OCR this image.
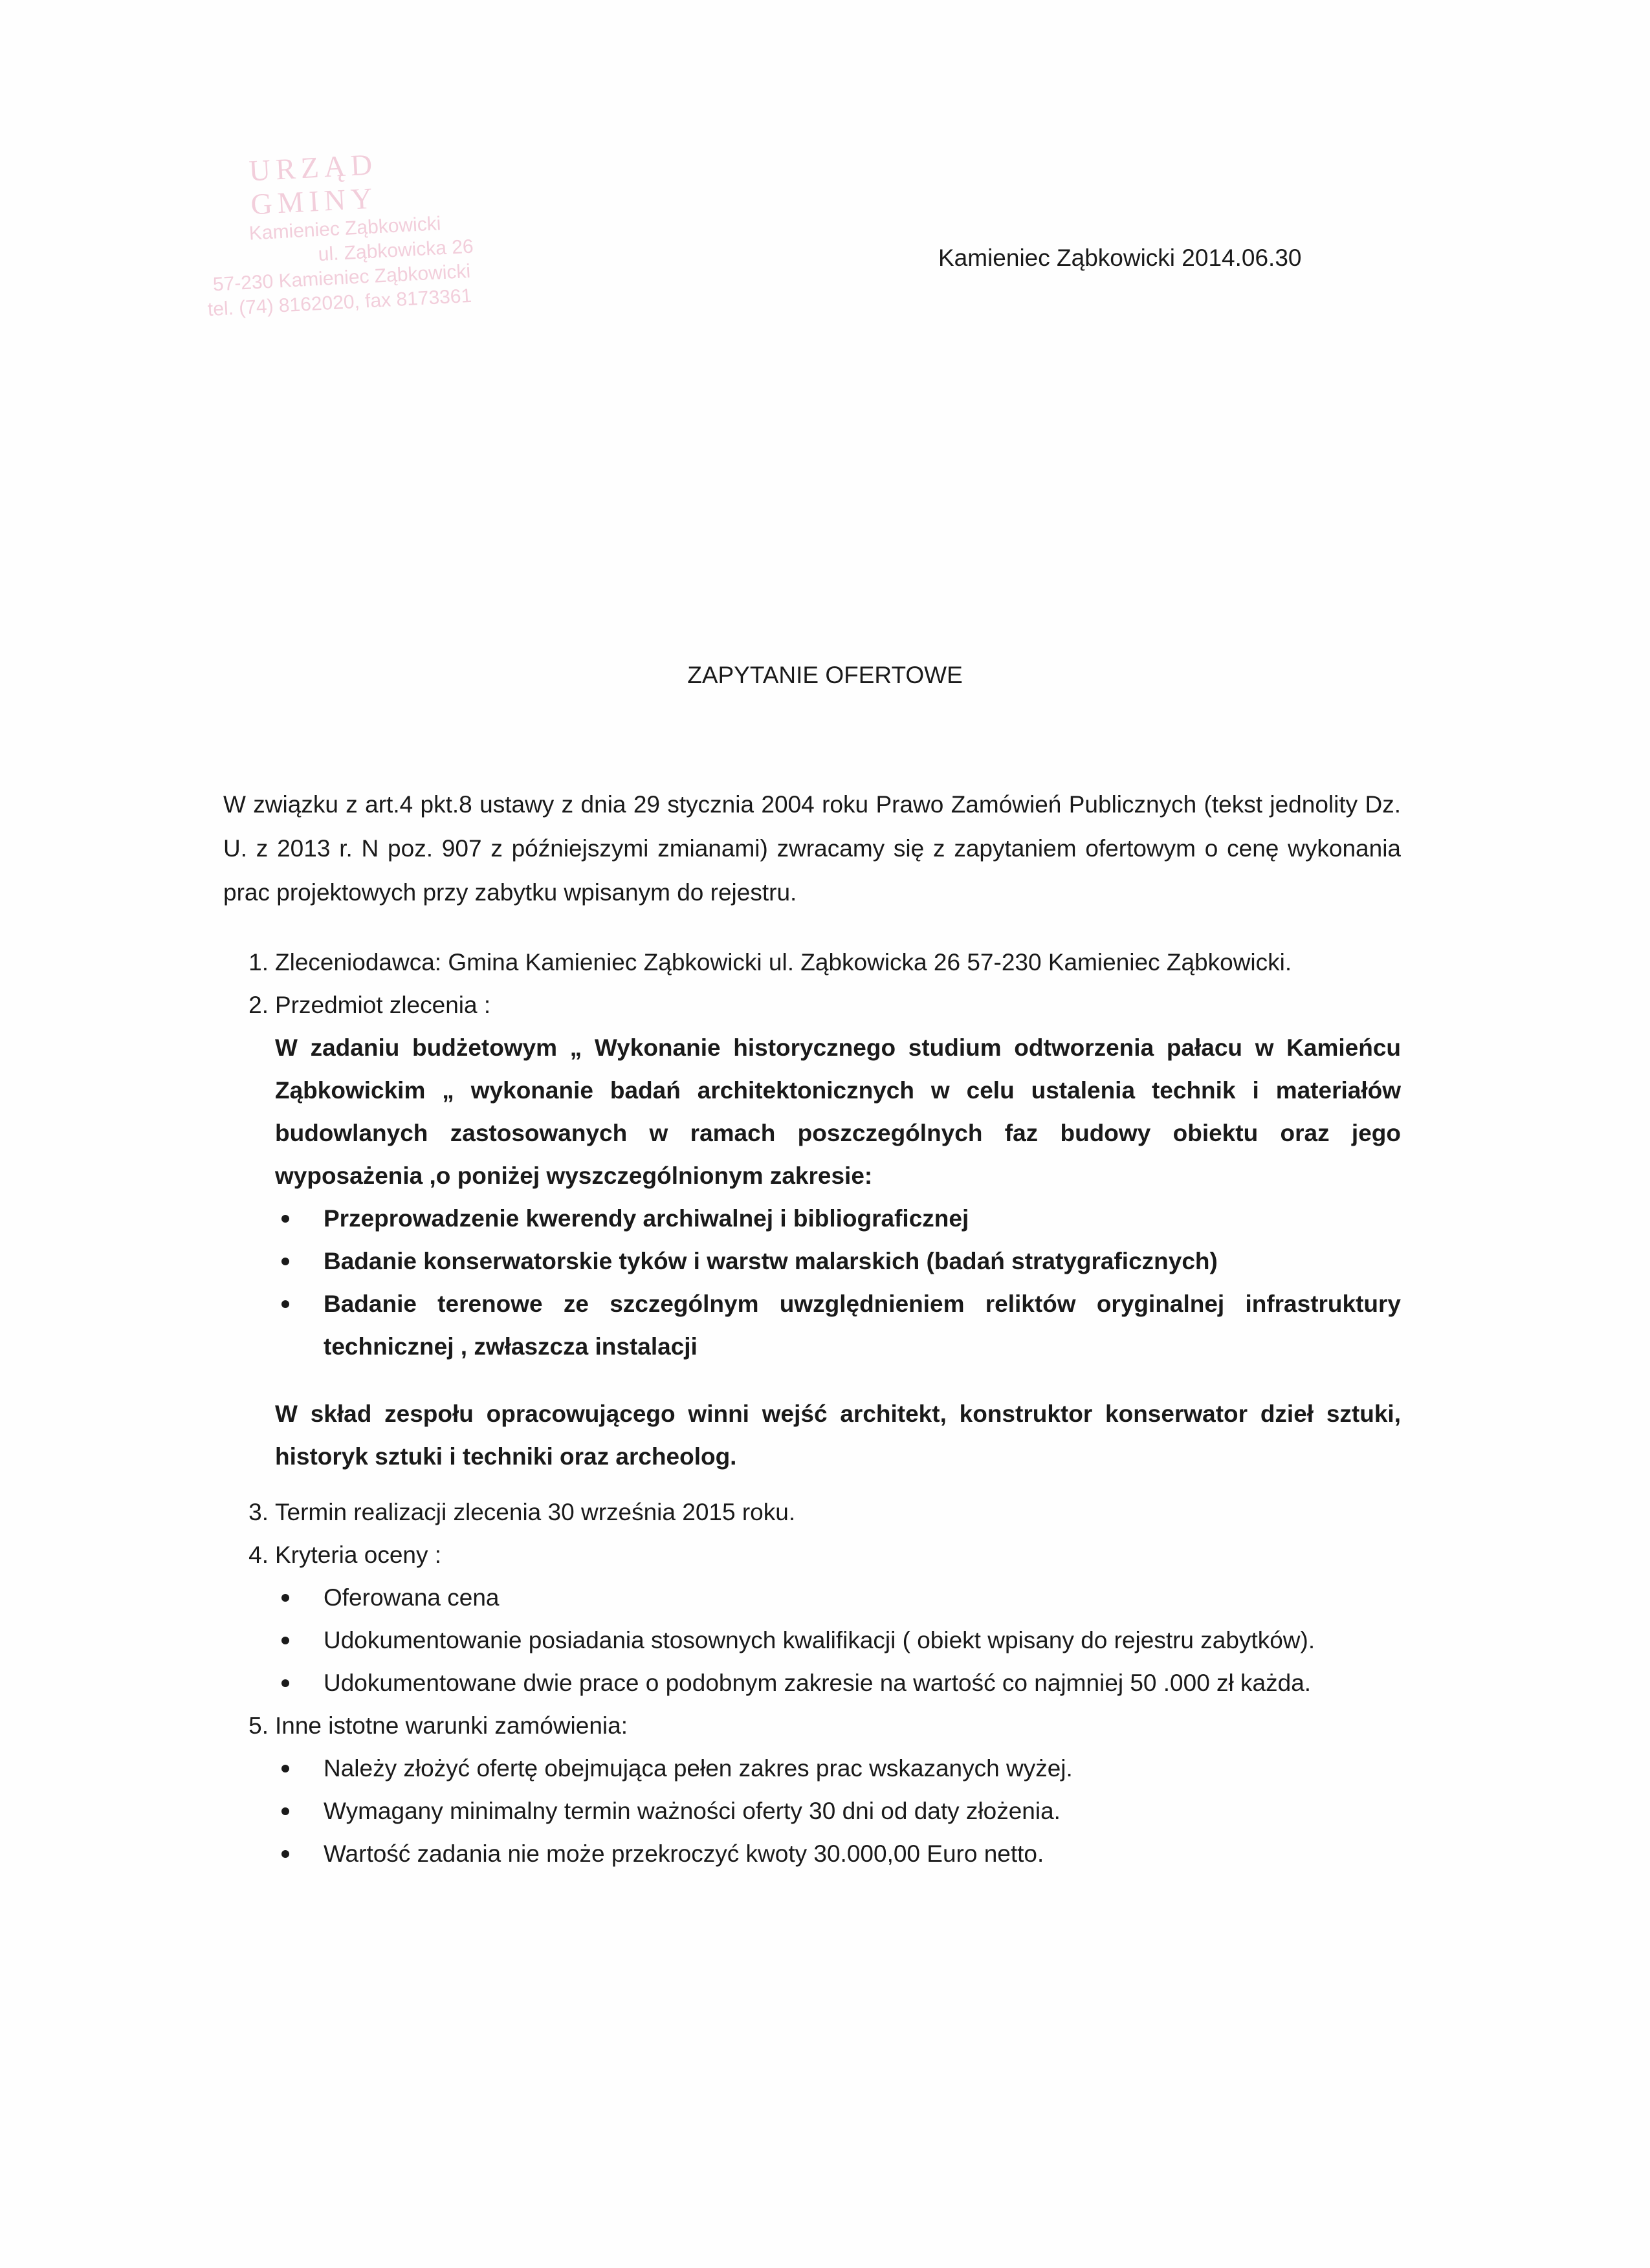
URZĄD GMINY
Kamieniec Ząbkowicki
ul. Ząbkowicka 26
57-230 Kamieniec Ząbkowicki
tel. (74) 8162020, fax 8173361
Kamieniec Ząbkowicki 2014.06.30
ZAPYTANIE OFERTOWE

W związku z art.4 pkt.8 ustawy z dnia 29 stycznia 2004 roku Prawo Zamówień Publicznych (tekst jednolity Dz. U. z 2013 r. N poz. 907 z późniejszymi zmianami) zwracamy się z zapytaniem ofertowym o cenę wykonania prac projektowych przy zabytku wpisanym do rejestru.

1. Zleceniodawca: Gmina Kamieniec Ząbkowicki ul. Ząbkowicka 26 57-230 Kamieniec Ząbkowicki.
2. Przedmiot zlecenia :
W zadaniu budżetowym „ Wykonanie historycznego studium odtworzenia pałacu w Kamieńcu Ząbkowickim „ wykonanie badań architektonicznych w celu ustalenia technik i materiałów budowlanych zastosowanych w ramach poszczególnych faz budowy obiektu oraz jego wyposażenia ,o poniżej wyszczególnionym zakresie:
Przeprowadzenie kwerendy archiwalnej i bibliograficznej
Badanie konserwatorskie tyków i warstw malarskich (badań stratygraficznych)
Badanie terenowe ze szczególnym uwzględnieniem reliktów oryginalnej infrastruktury technicznej , zwłaszcza instalacji
W skład zespołu opracowującego winni wejść architekt, konstruktor konserwator dzieł sztuki, historyk sztuki i techniki oraz archeolog.
3. Termin realizacji zlecenia 30 września 2015 roku.
4. Kryteria oceny :
Oferowana cena
Udokumentowanie posiadania stosownych kwalifikacji ( obiekt wpisany do rejestru zabytków).
Udokumentowane dwie prace o podobnym zakresie na wartość co najmniej 50 .000 zł każda.
5. Inne istotne warunki zamówienia:
Należy złożyć ofertę obejmująca pełen zakres prac wskazanych wyżej.
Wymagany minimalny termin ważności oferty 30 dni od daty złożenia.
Wartość zadania nie może przekroczyć kwoty 30.000,00 Euro netto.
